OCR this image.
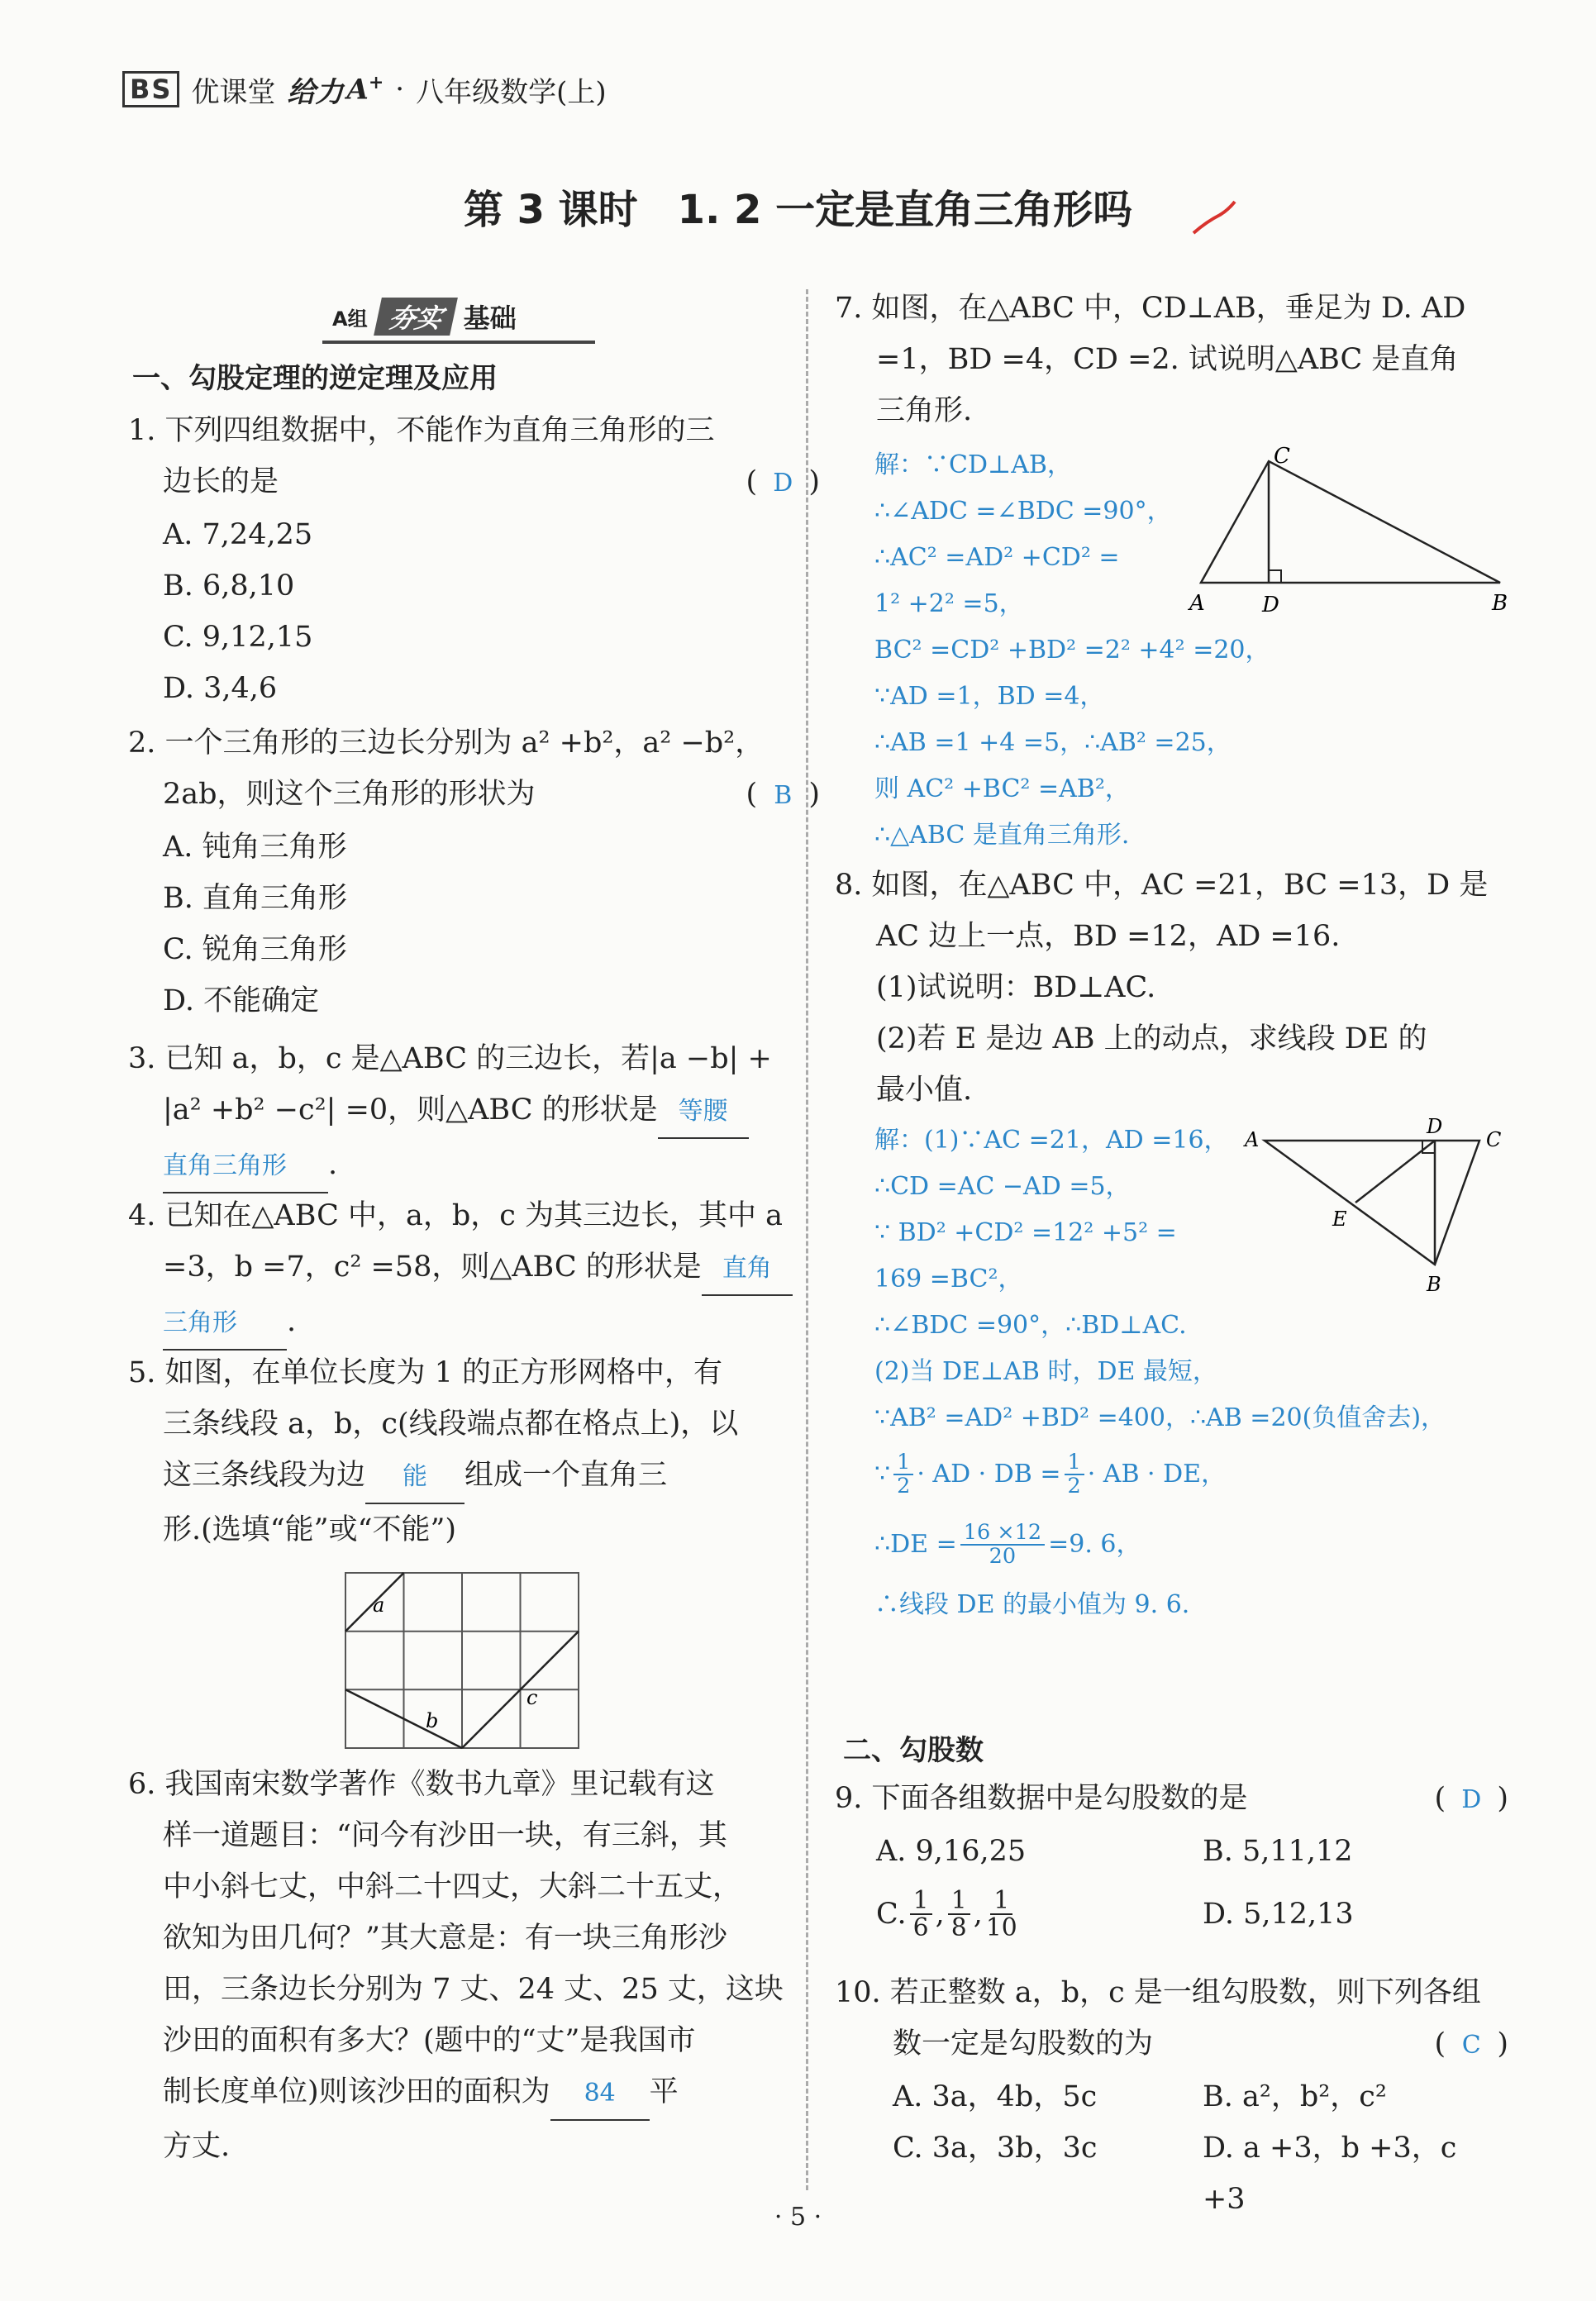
BS 优课堂 给力 A+ · 八年级数学(上)
第 3 课时　1. 2 一定是直角三角形吗
A组 夯实 基础
一、勾股定理的逆定理及应用
1. 下列四组数据中，不能作为直角三角形的三
边长的是	( D )
A. 7,24,25
B. 6,8,10
C. 9,12,15
D. 3,4,6
2. 一个三角形的三边长分别为 a² +b²，a² −b²，
2ab，则这个三角形的形状为	( B )
A. 钝角三角形
B. 直角三角形
C. 锐角三角形
D. 不能确定
3. 已知 a，b，c 是△ABC 的三边长，若|a −b| +
|a² +b² −c²| =0，则△ABC 的形状是 等腰
直角三角形 .
4. 已知在△ABC 中，a，b，c 为其三边长，其中 a
=3，b =7，c² =58，则△ABC 的形状是 直角
三角形 .
5. 如图，在单位长度为 1 的正方形网格中，有
三条线段 a，b，c(线段端点都在格点上)，以
这三条线段为边 能 组成一个直角三
形.(选填“能”或“不能”)
a
b
c
6. 我国南宋数学著作《数书九章》里记载有这
样一道题目：“问今有沙田一块，有三斜，其
中小斜七丈，中斜二十四丈，大斜二十五丈，
欲知为田几何？”其大意是：有一块三角形沙
田，三条边长分别为 7 丈、24 丈、25 丈，这块
沙田的面积有多大？(题中的“丈”是我国市
制长度单位)则该沙田的面积为 84 平
方丈.
7. 如图，在△ABC 中，CD⊥AB，垂足为 D. AD
=1，BD =4，CD =2. 试说明△ABC 是直角
三角形.
解：∵CD⊥AB，
∴∠ADC =∠BDC =90°，
∴AC² =AD² +CD² =
1² +2² =5，
BC² =CD² +BD² =2² +4² =20，
∵AD =1，BD =4，
∴AB =1 +4 =5，∴AB² =25，
则 AC² +BC² =AB²，
∴△ABC 是直角三角形.
C
A	D	B
8. 如图，在△ABC 中，AC =21，BC =13，D 是
AC 边上一点，BD =12，AD =16.
(1)试说明：BD⊥AC.
(2)若 E 是边 AB 上的动点，求线段 DE 的
最小值.
解：(1)∵AC =21，AD =16，
∴CD =AC −AD =5，
∵ BD² +CD² =12² +5² =
169 =BC²，
∴∠BDC =90°，∴BD⊥AC.
(2)当 DE⊥AB 时，DE 最短，
∵AB² =AD² +BD² =400，∴AB =20(负值舍去)，
∵ $\frac{1}{2}$ · AD · DB = $\frac{1}{2}$ · AB · DE，
∴DE = $\frac{16 \times 12}{20} =9$. 6，
∴线段 DE 的最小值为 9. 6.
A
D
C
E
B
二、勾股数
9. 下面各组数据中是勾股数的是	( D )
A. 9,16,25	B. 5,11,12
C. $\frac{1}{6}$ , $\frac{1}{8}$ , $\frac{1}{10}$	D. 5,12,13
10. 若正整数 a，b，c 是一组勾股数，则下列各组
数一定是勾股数的为	( C )
A. 3a，4b，5c	B. a²，b²，c²
C. 3a，3b，3c	D. a +3，b +3，c +3
· 5 ·
